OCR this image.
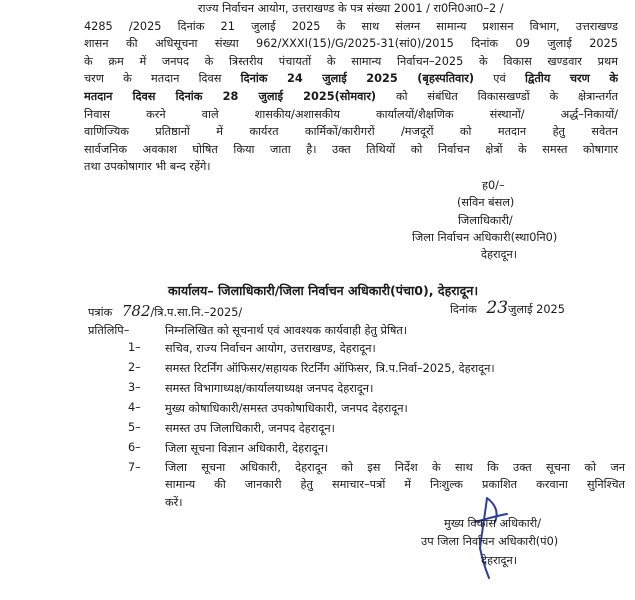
राज्य निर्वाचन आयोग, उत्तराखण्ड के पत्र संख्या 2001 / रा0नि0आ0–2 /
4285 /2025 दिनांक 21 जुलाई 2025 के साथ संलग्न सामान्य प्रशासन विभाग, उत्तराखण्ड
शासन की अधिसूचना संख्या 962/XXXI(15)/G/2025-31(सां0)/2015 दिनांक 09 जुलाई 2025
के क्रम में जनपद के त्रिस्तरीय पंचायतों के सामान्य निर्वाचन–2025 के विकास खण्डवार प्रथम
चरण के मतदान दिवस दिनांक 24 जुलाई 2025 (बृहस्पतिवार) एवं द्वितीय चरण के
मतदान दिवस दिनांक 28 जुलाई 2025(सोमवार) को संबंधित विकासखण्डों के क्षेत्रान्तर्गत
निवास करने वाले शासकीय/अशासकीय कार्यालयों/शैक्षणिक संस्थानों/ अर्द्ध–निकायों/
वाणिज्यिक प्रतिष्ठानों में कार्यरत कार्मिकों/कारीगरों /मजदूरों को मतदान हेतु सवेतन
सार्वजनिक अवकाश घोषित किया जाता है। उक्त तिथियों को निर्वाचन क्षेत्रों के समस्त कोषागार
तथा उपकोषागार भी बन्द रहेंगे।
ह0/–
(सविन बंसल)
जिलाधिकारी/
जिला निर्वाचन अधिकारी(स्था0नि0)
देहरादून।
कार्यालय– जिलाधिकारी/जिला निर्वाचन अधिकारी(पंचा0), देहरादून।
पत्रांक 782/त्रि.प.सा.नि.–2025/	दिनांक 23जुलाई 2025
प्रतिलिपि–	निम्नलिखित को सूचनार्थ एवं आवश्यक कार्यवाही हेतु प्रेषित।
1– सचिव, राज्य निर्वाचन आयोग, उत्तराखण्ड, देहरादून।
2– समस्त रिटर्निंग ऑफिसर/सहायक रिटर्निंग ऑफिसर, त्रि.प.निर्वा–2025, देहरादून।
3– समस्त विभागाध्यक्ष/कार्यालयाध्यक्ष जनपद देहरादून।
4– मुख्य कोषाधिकारी/समस्त उपकोषाधिकारी, जनपद देहरादून।
5– समस्त उप जिलाधिकारी, जनपद देहरादून।
6– जिला सूचना विज्ञान अधिकारी, देहरादून।
7– जिला सूचना अधिकारी, देहरादून को इस निर्देश के साथ कि उक्त सूचना को जन
सामान्य की जानकारी हेतु समाचार–पत्रों में निःशुल्क प्रकाशित करवाना सुनिश्चित
करें।
मुख्य विकास अधिकारी/
उप जिला निर्वाचन अधिकारी(पं0)
देहरादून।
